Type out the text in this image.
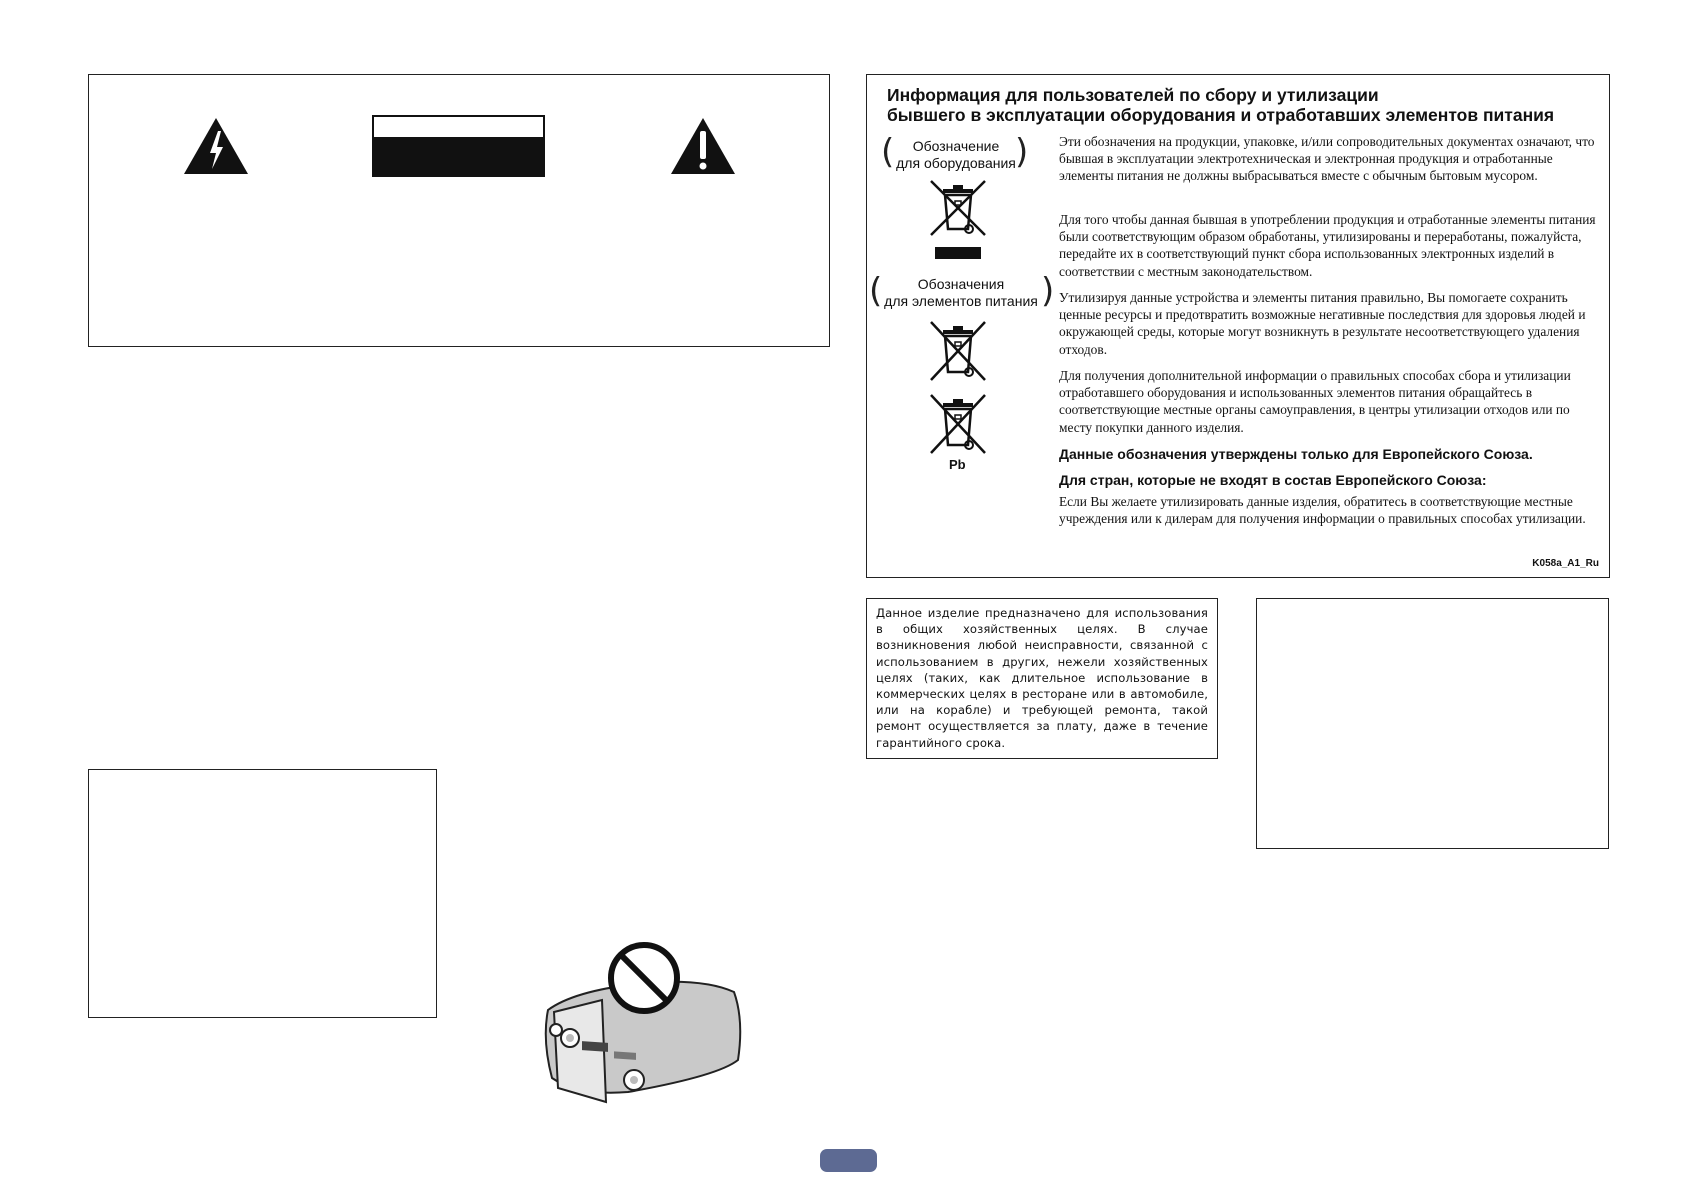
Информация для пользователей по сбору и утилизации
бывшего в эксплуатации оборудования и отработавших элементов питания
(	Обозначение
для оборудования )
(	Обозначения
для элементов питания )
Pb
Эти обозначения на продукции, упаковке, и/или сопроводительных документах означают, что бывшая в эксплуатации электротехническая и электронная продукция и отработанные элементы питания не должны выбрасываться вместе с обычным бытовым мусором.
Для того чтобы данная бывшая в употреблении продукция и отработанные элементы питания были соответствующим образом обработаны, утилизированы и переработаны, пожалуйста, передайте их в соответствующий пункт сбора использованных электронных изделий в соответствии с местным законодательством.
Утилизируя данные устройства и элементы питания правильно, Вы помогаете сохранить ценные ресурсы и предотвратить возможные негативные последствия для здоровья людей и окружающей среды, которые могут возникнуть в результате несоответствующего удаления отходов.
Для получения дополнительной информации о правильных способах сбора и утилизации отработавшего оборудования и использованных элементов питания обращайтесь в соответствующие местные органы самоуправления, в центры утилизации отходов или по месту покупки данного изделия.
Данные обозначения утверждены только для Европейского Союза.
Для стран, которые не входят в состав Европейского Союза:
Если Вы желаете утилизировать данные изделия, обратитесь в соответствующие местные учреждения или к дилерам для получения информации о правильных способах утилизации.
K058a_A1_Ru
Данное изделие предназначено для использования в общих хозяйственных целях. В случае возникновения любой неисправности, связанной с использованием в других, нежели хозяйственных целях (таких, как длительное использование в коммерческих целях в ресторане или в автомобиле, или на корабле) и требующей ремонта, такой ремонт осуществляется за плату, даже в течение гарантийного срока.
